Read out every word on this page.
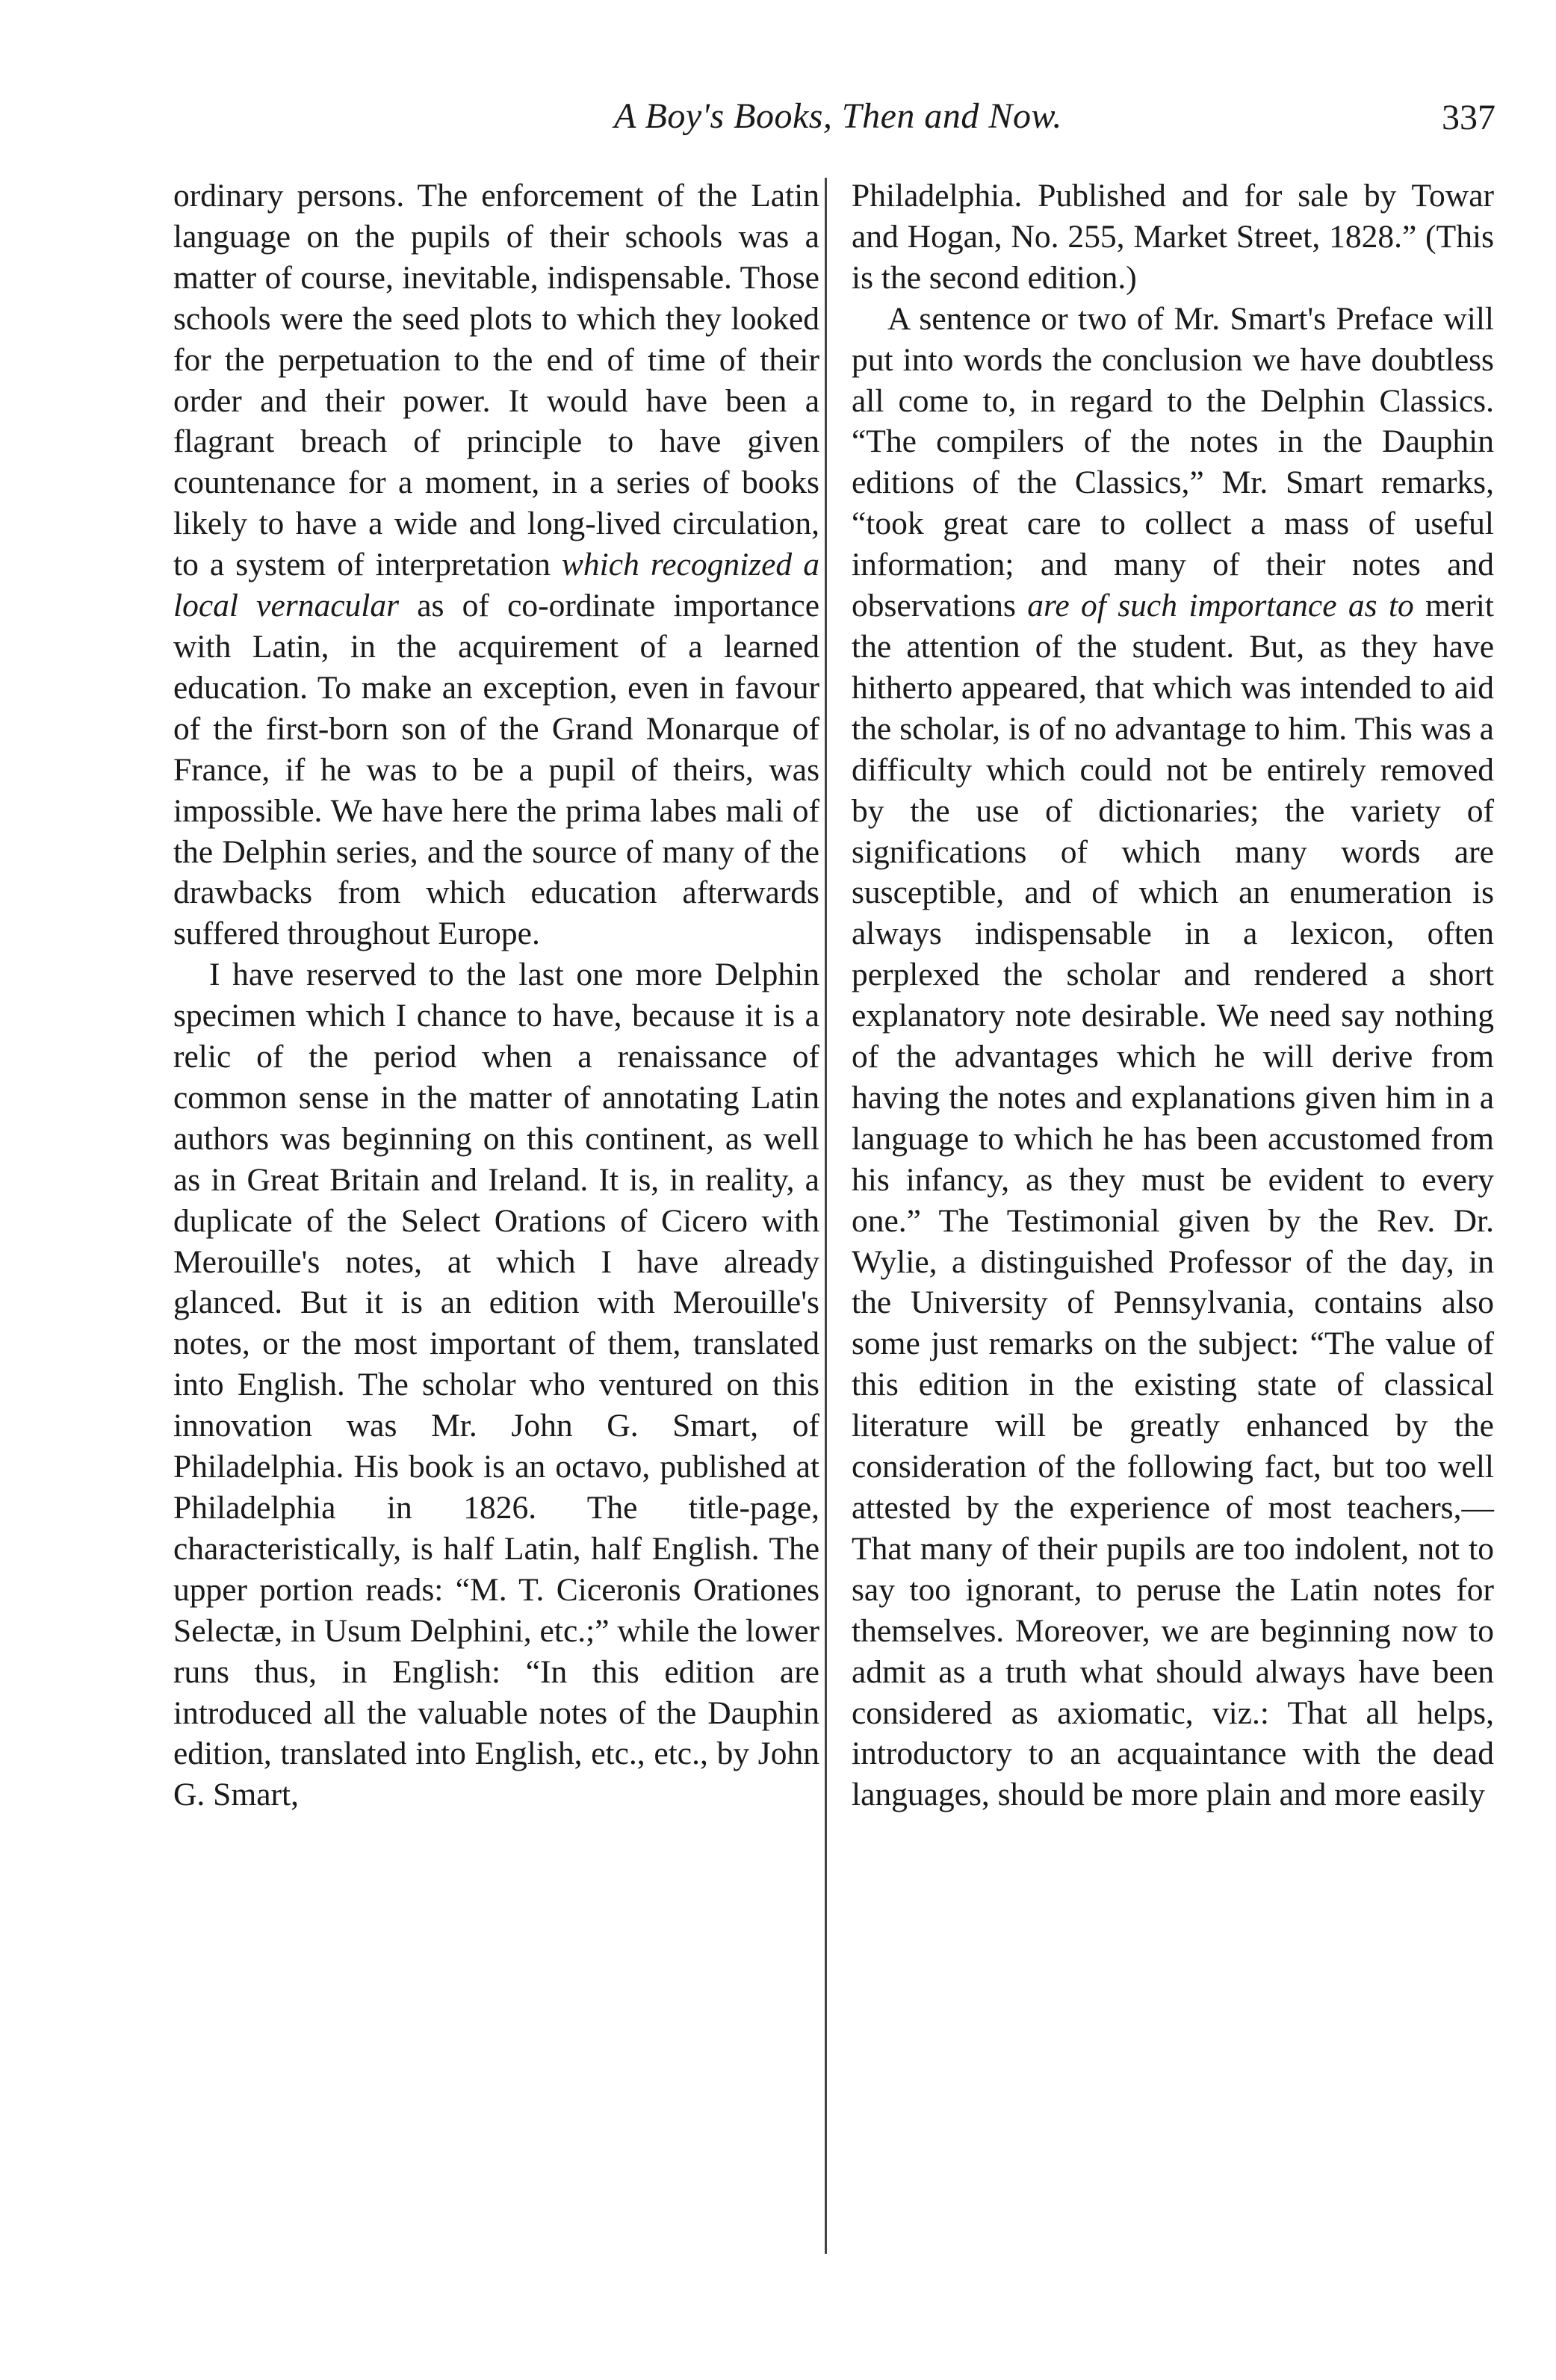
A Boy's Books, Then and Now.	337

ordinary persons. The enforcement of the Latin language on the pupils of their schools was a matter of course, inevitable, indispensable. Those schools were the seed plots to which they looked for the perpetuation to the end of time of their order and their power. It would have been a flagrant breach of principle to have given countenance for a moment, in a series of books likely to have a wide and long-lived circulation, to a system of interpretation which recognized a local vernacular as of co-ordinate importance with Latin, in the acquirement of a learned education. To make an exception, even in favour of the first-born son of the Grand Monarque of France, if he was to be a pupil of theirs, was impossible. We have here the prima labes mali of the Delphin series, and the source of many of the drawbacks from which education afterwards suffered throughout Europe.

I have reserved to the last one more Delphin specimen which I chance to have, because it is a relic of the period when a renaissance of common sense in the matter of annotating Latin authors was beginning on this continent, as well as in Great Britain and Ireland. It is, in reality, a duplicate of the Select Orations of Cicero with Merouille's notes, at which I have already glanced. But it is an edition with Merouille's notes, or the most important of them, translated into English. The scholar who ventured on this innovation was Mr. John G. Smart, of Philadelphia. His book is an octavo, published at Philadelphia in 1826. The title-page, characteristically, is half Latin, half English. The upper portion reads: “M. T. Ciceronis Orationes Selectæ, in Usum Delphini, etc.;” while the lower runs thus, in English: “In this edition are introduced all the valuable notes of the Dauphin edition, translated into English, etc., etc., by John G. Smart,

Philadelphia. Published and for sale by Towar and Hogan, No. 255, Market Street, 1828.” (This is the second edition.)

A sentence or two of Mr. Smart's Preface will put into words the conclusion we have doubtless all come to, in regard to the Delphin Classics. “The compilers of the notes in the Dauphin editions of the Classics,” Mr. Smart remarks, “took great care to collect a mass of useful information; and many of their notes and observations are of such importance as to merit the attention of the student. But, as they have hitherto appeared, that which was intended to aid the scholar, is of no advantage to him. This was a difficulty which could not be entirely removed by the use of dictionaries; the variety of significations of which many words are susceptible, and of which an enumeration is always indispensable in a lexicon, often perplexed the scholar and rendered a short explanatory note desirable. We need say nothing of the advantages which he will derive from having the notes and explanations given him in a language to which he has been accustomed from his infancy, as they must be evident to every one.” The Testimonial given by the Rev. Dr. Wylie, a distinguished Professor of the day, in the University of Pennsylvania, contains also some just remarks on the subject: “The value of this edition in the existing state of classical literature will be greatly enhanced by the consideration of the following fact, but too well attested by the experience of most teachers,—That many of their pupils are too indolent, not to say too ignorant, to peruse the Latin notes for themselves. Moreover, we are beginning now to admit as a truth what should always have been considered as axiomatic, viz.: That all helps, introductory to an acquaintance with the dead languages, should be more plain and more easily
